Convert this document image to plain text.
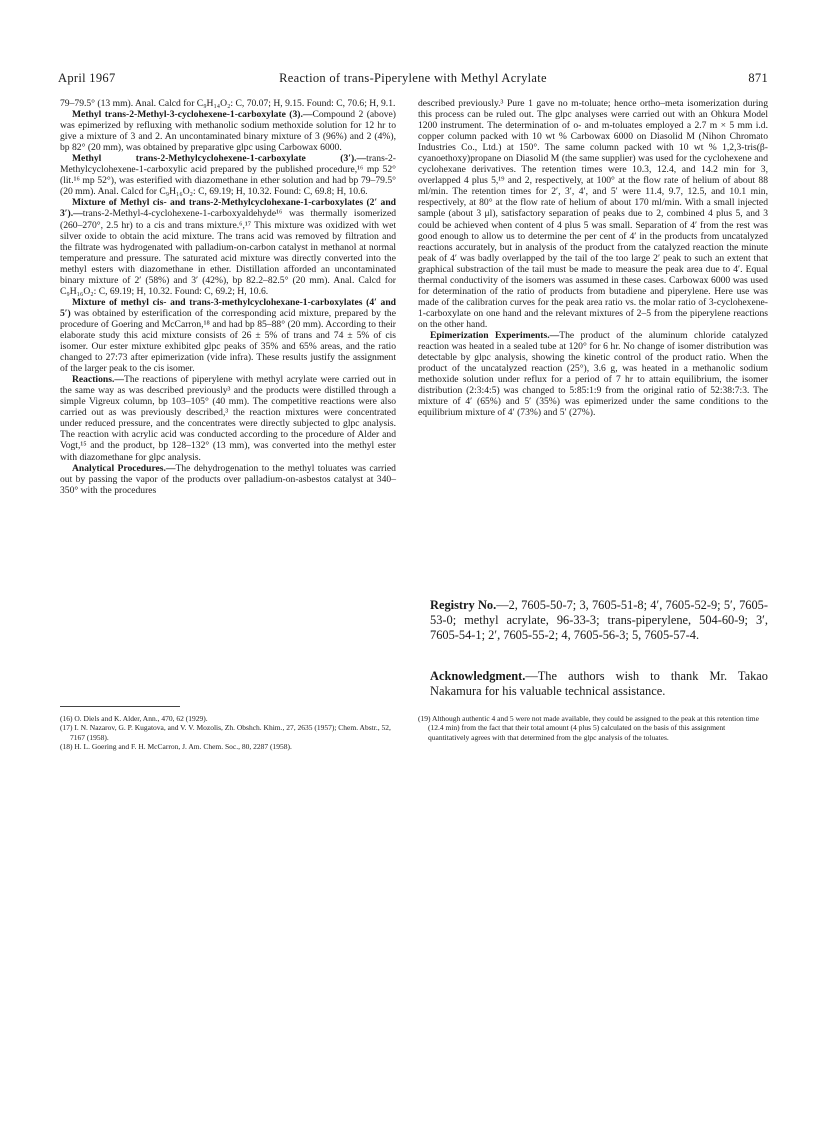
April 1967	Reaction of trans-Piperylene with Methyl Acrylate	871

79–79.5° (13 mm). Anal. Calcd for C₉H₁₄O₂: C, 70.07; H, 9.15. Found: C, 70.6; H, 9.1.

Methyl trans-2-Methyl-3-cyclohexene-1-carboxylate (3).—Compound 2 (above) was epimerized by refluxing with methanolic sodium methoxide solution for 12 hr to give a mixture of 3 and 2. An uncontaminated binary mixture of 3 (96%) and 2 (4%), bp 82° (20 mm), was obtained by preparative glpc using Carbowax 6000.

Methyl trans-2-Methylcyclohexene-1-carboxylate (3′).—trans-2-Methylcyclohexene-1-carboxylic acid prepared by the published procedure,¹⁶ mp 52° (lit.¹⁶ mp 52°), was esterified with diazomethane in ether solution and had bp 79–79.5° (20 mm). Anal. Calcd for C₉H₁₆O₂: C, 69.19; H, 10.32. Found: C, 69.8; H, 10.6.

Mixture of Methyl cis- and trans-2-Methylcyclohexane-1-carboxylates (2′ and 3′).—trans-2-Methyl-4-cyclohexene-1-carboxyaldehyde¹⁶ was thermally isomerized (260–270°, 2.5 hr) to a cis and trans mixture.⁶,¹⁷ This mixture was oxidized with wet silver oxide to obtain the acid mixture. The trans acid was removed by filtration and the filtrate was hydrogenated with palladium-on-carbon catalyst in methanol at normal temperature and pressure. The saturated acid mixture was directly converted into the methyl esters with diazomethane in ether. Distillation afforded an uncontaminated binary mixture of 2′ (58%) and 3′ (42%), bp 82.2–82.5° (20 mm). Anal. Calcd for C₉H₁₆O₂: C, 69.19; H, 10.32. Found: C, 69.2; H, 10.6.

Mixture of methyl cis- and trans-3-methylcyclohexane-1-carboxylates (4′ and 5′) was obtained by esterification of the corresponding acid mixture, prepared by the procedure of Goering and McCarron,¹⁸ and had bp 85–88° (20 mm). According to their elaborate study this acid mixture consists of 26 ± 5% of trans and 74 ± 5% of cis isomer. Our ester mixture exhibited glpc peaks of 35% and 65% areas, and the ratio changed to 27:73 after epimerization (vide infra). These results justify the assignment of the larger peak to the cis isomer.

Reactions.—The reactions of piperylene with methyl acrylate were carried out in the same way as was described previously³ and the products were distilled through a simple Vigreux column, bp 103–105° (40 mm). The competitive reactions were also carried out as was previously described,³ the reaction mixtures were concentrated under reduced pressure, and the concentrates were directly subjected to glpc analysis. The reaction with acrylic acid was conducted according to the procedure of Alder and Vogt,¹⁵ and the product, bp 128–132° (13 mm), was converted into the methyl ester with diazomethane for glpc analysis.

Analytical Procedures.—The dehydrogenation to the methyl toluates was carried out by passing the vapor of the products over palladium-on-asbestos catalyst at 340–350° with the procedures

described previously.³ Pure 1 gave no m-toluate; hence ortho–meta isomerization during this process can be ruled out. The glpc analyses were carried out with an Ohkura Model 1200 instrument. The determination of o- and m-toluates employed a 2.7 m × 5 mm i.d. copper column packed with 10 wt % Carbowax 6000 on Diasolid M (Nihon Chromato Industries Co., Ltd.) at 150°. The same column packed with 10 wt % 1,2,3-tris(β-cyanoethoxy)propane on Diasolid M (the same supplier) was used for the cyclohexene and cyclohexane derivatives. The retention times were 10.3, 12.4, and 14.2 min for 3, overlapped 4 plus 5,¹⁹ and 2, respectively, at 100° at the flow rate of helium of about 88 ml/min. The retention times for 2′, 3′, 4′, and 5′ were 11.4, 9.7, 12.5, and 10.1 min, respectively, at 80° at the flow rate of helium of about 170 ml/min. With a small injected sample (about 3 μl), satisfactory separation of peaks due to 2, combined 4 plus 5, and 3 could be achieved when content of 4 plus 5 was small. Separation of 4′ from the rest was good enough to allow us to determine the per cent of 4′ in the products from uncatalyzed reactions accurately, but in analysis of the product from the catalyzed reaction the minute peak of 4′ was badly overlapped by the tail of the too large 2′ peak to such an extent that graphical substraction of the tail must be made to measure the peak area due to 4′. Equal thermal conductivity of the isomers was assumed in these cases. Carbowax 6000 was used for determination of the ratio of products from butadiene and piperylene. Here use was made of the calibration curves for the peak area ratio vs. the molar ratio of 3-cyclohexene-1-carboxylate on one hand and the relevant mixtures of 2–5 from the piperylene reactions on the other hand.

Epimerization Experiments.—The product of the aluminum chloride catalyzed reaction was heated in a sealed tube at 120° for 6 hr. No change of isomer distribution was detectable by glpc analysis, showing the kinetic control of the product ratio. When the product of the uncatalyzed reaction (25°), 3.6 g, was heated in a methanolic sodium methoxide solution under reflux for a period of 7 hr to attain equilibrium, the isomer distribution (2:3:4:5) was changed to 5:85:1:9 from the original ratio of 52:38:7:3. The mixture of 4′ (65%) and 5′ (35%) was epimerized under the same conditions to the equilibrium mixture of 4′ (73%) and 5′ (27%).

Registry No.—2, 7605-50-7; 3, 7605-51-8; 4′, 7605-52-9; 5′, 7605-53-0; methyl acrylate, 96-33-3; trans-piperylene, 504-60-9; 3′, 7605-54-1; 2′, 7605-55-2; 4, 7605-56-3; 5, 7605-57-4.
Acknowledgment.—The authors wish to thank Mr. Takao Nakamura for his valuable technical assistance.

(16) O. Diels and K. Alder, Ann., 470, 62 (1929).

(17) I. N. Nazarov, G. P. Kugatova, and V. V. Mozolis, Zh. Obshch. Khim., 27, 2635 (1957); Chem. Abstr., 52, 7167 (1958).

(18) H. L. Goering and F. H. McCarron, J. Am. Chem. Soc., 80, 2287 (1958).

(19) Although authentic 4 and 5 were not made available, they could be assigned to the peak at this retention time (12.4 min) from the fact that their total amount (4 plus 5) calculated on the basis of this assignment quantitatively agrees with that determined from the glpc analysis of the toluates.
